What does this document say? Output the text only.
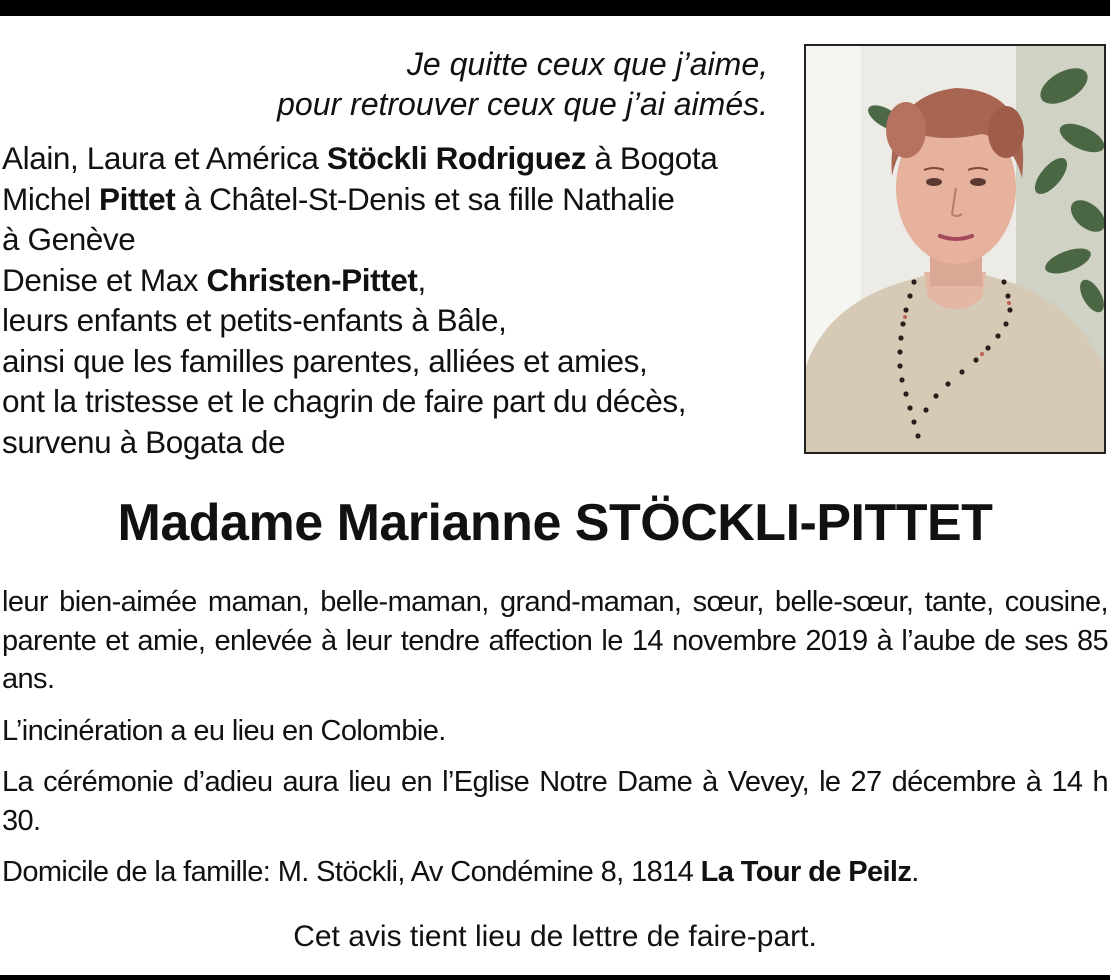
Je quitte ceux que j’aime,
pour retrouver ceux que j’ai aimés.
Alain, Laura et América Stöckli Rodriguez à Bogota
Michel Pittet à Châtel-St-Denis et sa fille Nathalie
à Genève
Denise et Max Christen-Pittet,
leurs enfants et petits-enfants à Bâle,
ainsi que les familles parentes, alliées et amies,
ont la tristesse et le chagrin de faire part du décès,
survenu à Bogata de
Madame Marianne STÖCKLI-PITTET

leur bien-aimée maman, belle-maman, grand-maman, sœur, belle-sœur, tante, cousine, parente et amie, enlevée à leur tendre affection le 14 novembre 2019 à l’aube de ses 85 ans.

L’incinération a eu lieu en Colombie.

La cérémonie d’adieu aura lieu en l’Eglise Notre Dame à Vevey, le 27 décembre à 14 h 30.

Domicile de la famille: M. Stöckli, Av Condémine 8, 1814 La Tour de Peilz.

Cet avis tient lieu de lettre de faire-part.
